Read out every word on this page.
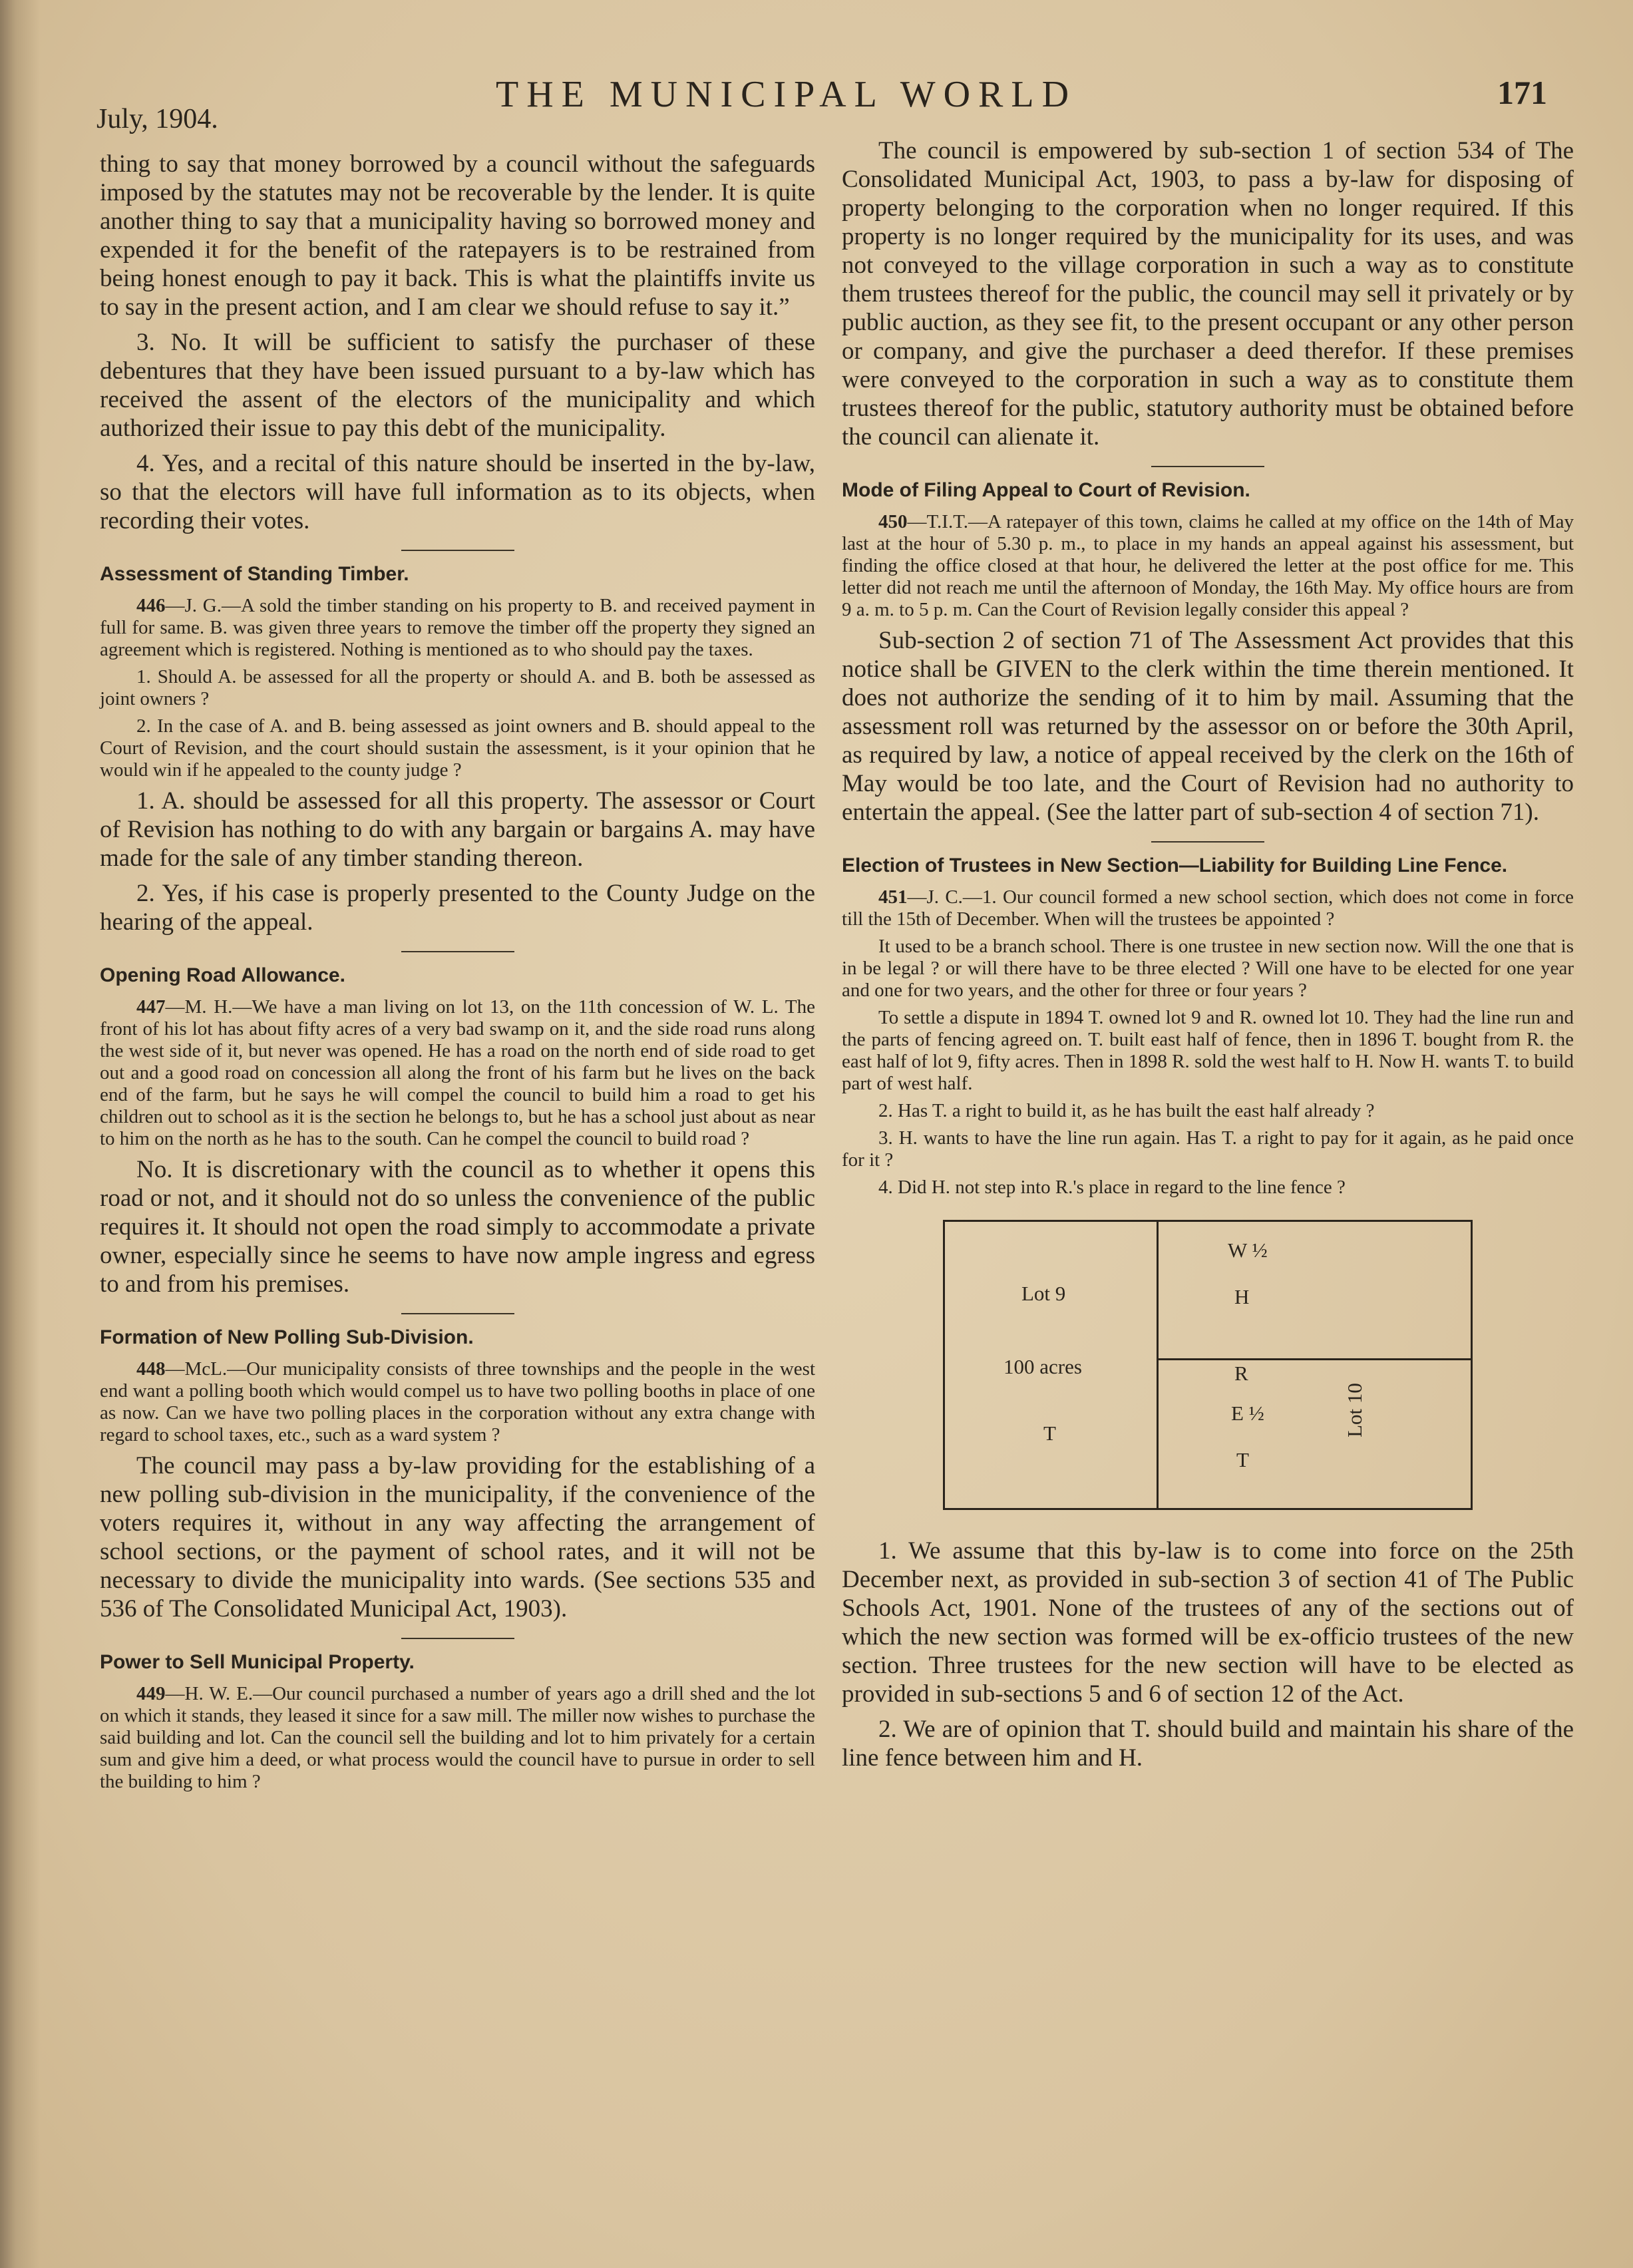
July, 1904.
THE MUNICIPAL WORLD	171

thing to say that money borrowed by a council without the safeguards imposed by the statutes may not be recoverable by the lender. It is quite another thing to say that a municipality having so borrowed money and expended it for the benefit of the ratepayers is to be restrained from being honest enough to pay it back. This is what the plaintiffs invite us to say in the present action, and I am clear we should refuse to say it.”

3. No. It will be sufficient to satisfy the purchaser of these debentures that they have been issued pursuant to a by-law which has received the assent of the electors of the municipality and which authorized their issue to pay this debt of the municipality.

4. Yes, and a recital of this nature should be inserted in the by-law, so that the electors will have full information as to its objects, when recording their votes.

Assessment of Standing Timber.

446—J. G.—A sold the timber standing on his property to B. and received payment in full for same. B. was given three years to remove the timber off the property they signed an agreement which is registered. Nothing is mentioned as to who should pay the taxes.

1. Should A. be assessed for all the property or should A. and B. both be assessed as joint owners ?

2. In the case of A. and B. being assessed as joint owners and B. should appeal to the Court of Revision, and the court should sustain the assessment, is it your opinion that he would win if he appealed to the county judge ?

1. A. should be assessed for all this property. The assessor or Court of Revision has nothing to do with any bargain or bargains A. may have made for the sale of any timber standing thereon.

2. Yes, if his case is properly presented to the County Judge on the hearing of the appeal.

Opening Road Allowance.

447—M. H.—We have a man living on lot 13, on the 11th concession of W. L. The front of his lot has about fifty acres of a very bad swamp on it, and the side road runs along the west side of it, but never was opened. He has a road on the north end of side road to get out and a good road on concession all along the front of his farm but he lives on the back end of the farm, but he says he will compel the council to build him a road to get his children out to school as it is the section he belongs to, but he has a school just about as near to him on the north as he has to the south. Can he compel the council to build road ?

No. It is discretionary with the council as to whether it opens this road or not, and it should not do so unless the convenience of the public requires it. It should not open the road simply to accommodate a private owner, especially since he seems to have now ample ingress and egress to and from his premises.

Formation of New Polling Sub-Division.

448—McL.—Our municipality consists of three townships and the people in the west end want a polling booth which would compel us to have two polling booths in place of one as now. Can we have two polling places in the corporation without any extra change with regard to school taxes, etc., such as a ward system ?

The council may pass a by-law providing for the establishing of a new polling sub-division in the municipality, if the convenience of the voters requires it, without in any way affecting the arrangement of school sections, or the payment of school rates, and it will not be necessary to divide the municipality into wards. (See sections 535 and 536 of The Consolidated Municipal Act, 1903).

Power to Sell Municipal Property.

449—H. W. E.—Our council purchased a number of years ago a drill shed and the lot on which it stands, they leased it since for a saw mill. The miller now wishes to purchase the said building and lot. Can the council sell the building and lot to him privately for a certain sum and give him a deed, or what process would the council have to pursue in order to sell the building to him ?

The council is empowered by sub-section 1 of section 534 of The Consolidated Municipal Act, 1903, to pass a by-law for disposing of property belonging to the corporation when no longer required. If this property is no longer required by the municipality for its uses, and was not conveyed to the village corporation in such a way as to constitute them trustees thereof for the public, the council may sell it privately or by public auction, as they see fit, to the present occupant or any other person or company, and give the purchaser a deed therefor. If these premises were conveyed to the corporation in such a way as to constitute them trustees thereof for the public, statutory authority must be obtained before the council can alienate it.

Mode of Filing Appeal to Court of Revision.

450—T.I.T.—A ratepayer of this town, claims he called at my office on the 14th of May last at the hour of 5.30 p. m., to place in my hands an appeal against his assessment, but finding the office closed at that hour, he delivered the letter at the post office for me. This letter did not reach me until the afternoon of Monday, the 16th May. My office hours are from 9 a. m. to 5 p. m. Can the Court of Revision legally consider this appeal ?

Sub-section 2 of section 71 of The Assessment Act provides that this notice shall be GIVEN to the clerk within the time therein mentioned. It does not authorize the sending of it to him by mail. Assuming that the assessment roll was returned by the assessor on or before the 30th April, as required by law, a notice of appeal received by the clerk on the 16th of May would be too late, and the Court of Revision had no authority to entertain the appeal. (See the latter part of sub-section 4 of section 71).

Election of Trustees in New Section—Liability for Building Line Fence.

451—J. C.—1. Our council formed a new school section, which does not come in force till the 15th of December. When will the trustees be appointed ?

It used to be a branch school. There is one trustee in new section now. Will the one that is in be legal ? or will there have to be three elected ? Will one have to be elected for one year and one for two years, and the other for three or four years ?

To settle a dispute in 1894 T. owned lot 9 and R. owned lot 10. They had the line run and the parts of fencing agreed on. T. built east half of fence, then in 1896 T. bought from R. the east half of lot 9, fifty acres. Then in 1898 R. sold the west half to H. Now H. wants T. to build part of west half.

2. Has T. a right to build it, as he has built the east half already ?

3. H. wants to have the line run again. Has T. a right to pay for it again, as he paid once for it ?

4. Did H. not step into R.'s place in regard to the line fence ?

Lot 9
100 acres
T
W ½
H
R
E ½
T
Lot 10

1. We assume that this by-law is to come into force on the 25th December next, as provided in sub-section 3 of section 41 of The Public Schools Act, 1901. None of the trustees of any of the sections out of which the new section was formed will be ex-officio trustees of the new section. Three trustees for the new section will have to be elected as provided in sub-sections 5 and 6 of section 12 of the Act.

2. We are of opinion that T. should build and maintain his share of the line fence between him and H.
